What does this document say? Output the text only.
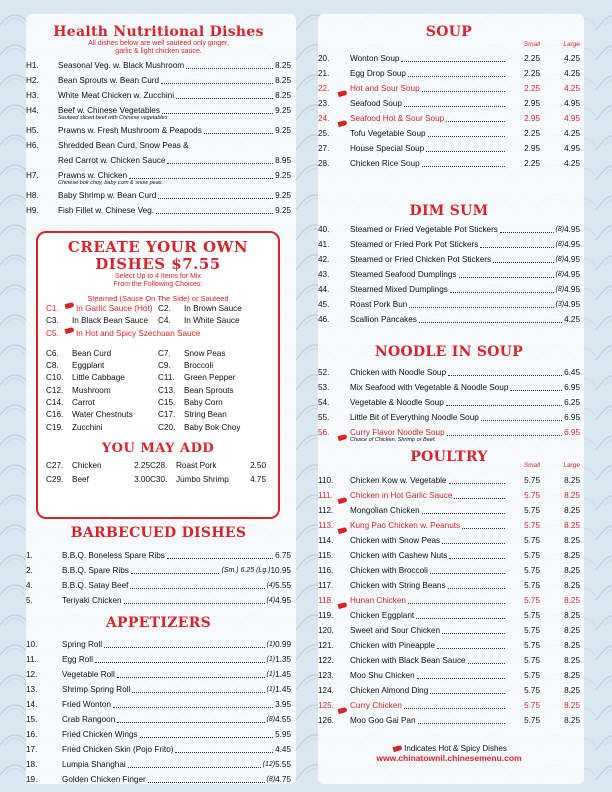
Health Nutritional Dishes
All dishes below are well sauteed only ginger,
garlic & light chicken sauce.
H1.	Seasonal Veg. w. Black Mushroom	8.25
H2.	Bean Sprouts w. Bean Curd	8.25
H3.	White Meat Chicken w. Zucchini	8.25
H4.	Beef w. Chinese Vegetables	9.25
Sauteed sliced beef with Chinese vegetables
H5.	Prawns w. Fresh Mushroom & Peapods	9.25
H6.	Shredded Bean Curd, Snow Peas &
Red Carrot w. Chicken Sauce	8.95
H7.	Prawns w. Chicken	9.25
Chinese bok choy, baby corn & snow peas.
H8.	Baby Shrimp w. Bean Curd	9.25
H9.	Fish Fillet w. Chinese Veg.	9.25
CREATE YOUR OWN
DISHES $7.55
Select Up to 4 Items for Mix
From the Following Choices:
Steamed (Sauce On The Side) or Sauteed
C1.	In Garlic Sauce (Hot) C2.	In Brown Sauce
C3.	In Black Bean Sauce C4.	In White Sauce
C5.	In Hot and Spicy Szechuan Sauce
C6.	Bean Curd	C7.	Snow Peas
C8.	Eggplant	C9.	Broccoli
C10.	Little Cabbage	C11.	Green Pepper
C12.	Mushroom	C13.	Bean Sprouts
C14.	Carrot	C15.	Baby Corn
C16.	Water Chestnuts	C17.	String Bean
C19.	Zucchini	C20.	Baby Bok Choy
YOU MAY ADD
C27.	Chicken	2.25 C28.	Roast Pork	2.50
C29.	Beef	3.00 C30.	Jumbo Shrimp	4.75
BARBECUED DISHES
1.	B.B.Q. Boneless Spare Ribs	6.75
2.	B.B.Q. Spare Ribs	(Sm.) 6.25 (Lg.) 10.95
4.	B.B.Q. Satay Beef	(4) 5.55
5.	Teriyaki Chicken	(4) 4.95
APPETIZERS
10.	Spring Roll	(1) 0.99
11.	Egg Roll	(1) 1.35
12.	Vegetable Roll	(1) 1.45
13.	Shrimp Spring Roll	(1) 1.45
14.	Fried Wonton	3.95
15.	Crab Rangoon	(8) 4.55
16.	Fried Chicken Wings	5.95
17.	Fried Chicken Skin (Pojo Frito)	4.45
18.	Lumpia Shanghai	(12) 5.55
19.	Golden Chicken Finger	(8) 4.75
SOUP
Small	Large
20.	Wonton Soup	2.25	4.25
21.	Egg Drop Soup	2.25	4.25
22.	Hot and Sour Soup	2.25	4.25
23.	Seafood Soup	2.95	4.95
24.	Seafood Hot & Sour Soup	2.95	4.95
25.	Tofu Vegetable Soup	2.25	4.25
27.	House Special Soup	2.95	4.95
28.	Chicken Rice Soup	2.25	4.25
DIM SUM
40.	Steamed or Fried Vegetable Pot Stickers	(8) 4.95
41.	Steamed or Fried Pork Pot Stickers	(8) 4.95
42.	Steamed or Fried Chicken Pot Stickers	(8) 4.95
43.	Steamed Seafood Dumplings	(8) 4.95
44.	Steamed Mixed Dumplings	(8) 4.95
45.	Roast Pork Bun	(3) 4.95
46.	Scallion Pancakes	4.25
NOODLE IN SOUP
52.	Chicken with Noodle Soup	6.45
53.	Mix Seafood with Vegetable & Noodle Soup	6.95
54.	Vegetable & Noodle Soup	6.25
55.	Little Bit of Everything Noodle Soup	6.95
56.	Curry Flavor Noodle Soup	6.95
Choice of Chicken, Shrimp or Beef.
POULTRY
Small	Large
110.	Chicken Kow w. Vegetable	5.75	8.25
111.	Chicken in Hot Garlic Sauce	5.75	8.25
112.	Mongolian Chicken	5.75	8.25
113.	Kung Pao Chicken w. Peanuts	5.75	8.25
114.	Chicken with Snow Peas	5.75	8.25
115.	Chicken with Cashew Nuts	5.75	8.25
116.	Chicken with Broccoli	5.75	8.25
117.	Chicken with String Beans	5.75	8.25
118.	Hunan Chicken	5.75	8.25
119.	Chicken Eggplant	5.75	8.25
120.	Sweet and Sour Chicken	5.75	8.25
121.	Chicken with Pineapple	5.75	8.25
122.	Chicken with Black Bean Sauce	5.75	8.25
123.	Moo Shu Chicken	5.75	8.25
124.	Chicken Almond Ding	5.75	8.25
125.	Curry Chicken	5.75	8.25
126.	Moo Goo Gai Pan	5.75	8.25
Indicates Hot & Spicy Dishes
www.chinatownil.chinesemenu.com
